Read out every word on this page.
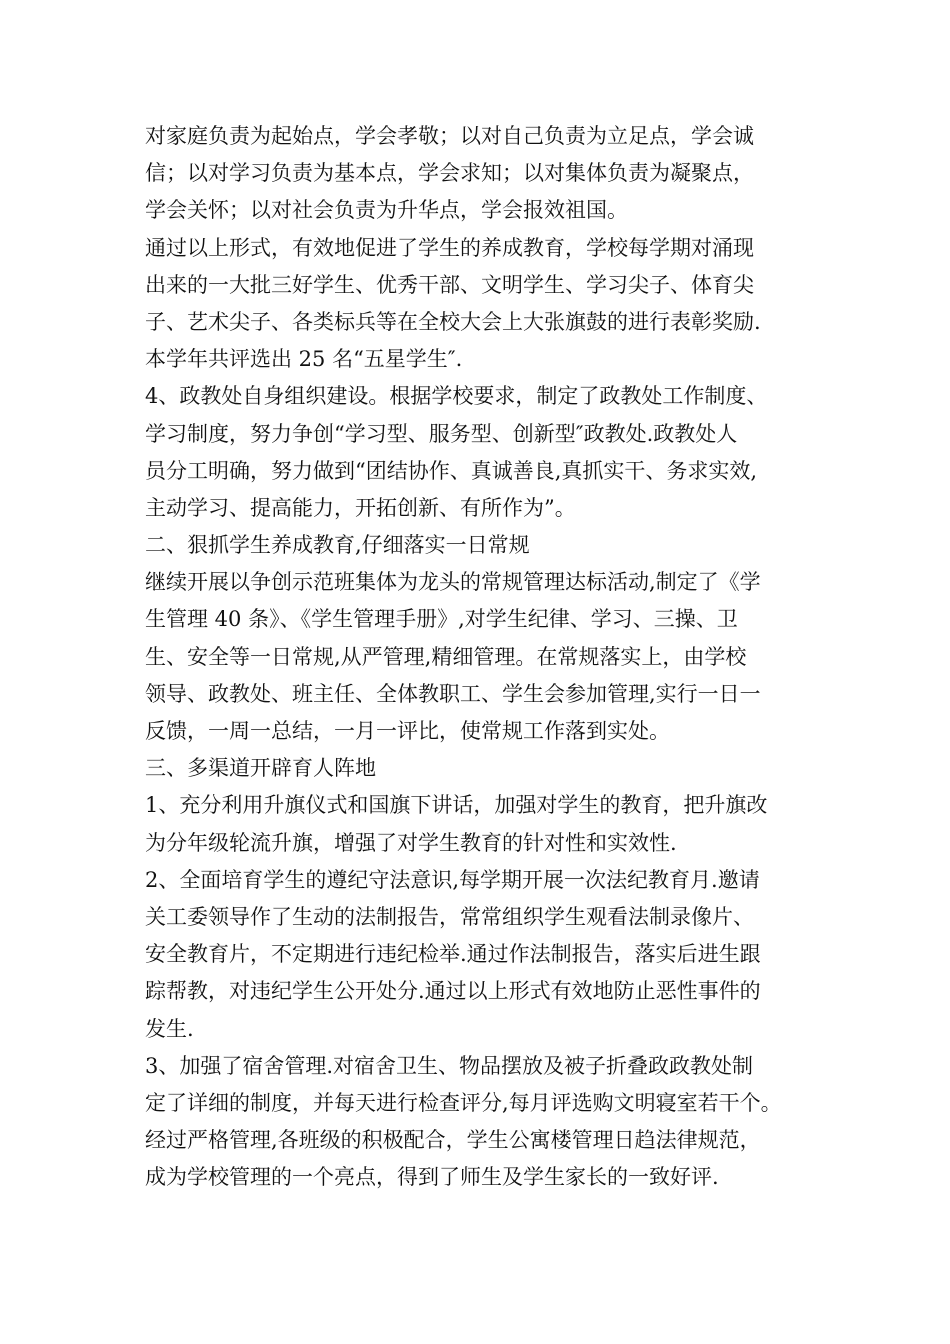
对家庭负责为起始点，学会孝敬；以对自己负责为立足点，学会诚
信；以对学习负责为基本点，学会求知；以对集体负责为凝聚点，
学会关怀；以对社会负责为升华点，学会报效祖国。
通过以上形式，有效地促进了学生的养成教育，学校每学期对涌现
出来的一大批三好学生、优秀干部、文明学生、学习尖子、体育尖
子、艺术尖子、各类标兵等在全校大会上大张旗鼓的进行表彰奖励.
本学年共评选出 25 名“五星学生″.
4、政教处自身组织建设。根据学校要求，制定了政教处工作制度、
学习制度，努力争创“学习型、服务型、创新型″政教处.政教处人
员分工明确，努力做到“团结协作、真诚善良,真抓实干、务求实效,
主动学习、提高能力，开拓创新、有所作为”。
二、狠抓学生养成教育,仔细落实一日常规
继续开展以争创示范班集体为龙头的常规管理达标活动,制定了《学
生管理 40 条》、《学生管理手册》,对学生纪律、学习、三操、卫
生、安全等一日常规,从严管理,精细管理。在常规落实上，由学校
领导、政教处、班主任、全体教职工、学生会参加管理,实行一日一
反馈，一周一总结，一月一评比，使常规工作落到实处。
三、多渠道开辟育人阵地
1、充分利用升旗仪式和国旗下讲话，加强对学生的教育，把升旗改
为分年级轮流升旗，增强了对学生教育的针对性和实效性.
2、全面培育学生的遵纪守法意识,每学期开展一次法纪教育月.邀请
关工委领导作了生动的法制报告，常常组织学生观看法制录像片、
安全教育片，不定期进行违纪检举.通过作法制报告，落实后进生跟
踪帮教，对违纪学生公开处分.通过以上形式有效地防止恶性事件的
发生.
3、加强了宿舍管理.对宿舍卫生、物品摆放及被子折叠政政教处制
定了详细的制度，并每天进行检查评分,每月评选购文明寝室若干个。
经过严格管理,各班级的积极配合，学生公寓楼管理日趋法律规范，
成为学校管理的一个亮点，得到了师生及学生家长的一致好评.
